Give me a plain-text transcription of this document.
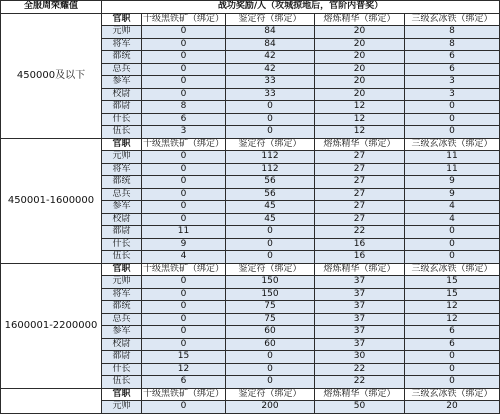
全服周荣耀值	战功奖励/人（攻城掠地后，官阶内普奖）				
450000及以下	官职	十级黑铁矿（绑定）	鉴定符（绑定）	熔炼精华（绑定）	三级玄冰铁（绑定）
	元帅	0	84	20	8
	将军	0	84	20	8
	都统	0	42	20	6
	总兵	0	42	20	6
	参军	0	33	20	3
	校尉	0	33	20	3
	都尉	8	0	12	0
	什长	6	0	12	0
	伍长	3	0	12	0
450001-1600000	官职	十级黑铁矿（绑定）	鉴定符（绑定）	熔炼精华（绑定）	三级玄冰铁（绑定）
	元帅	0	112	27	11
	将军	0	112	27	11
	都统	0	56	27	9
	总兵	0	56	27	9
	参军	0	45	27	4
	校尉	0	45	27	4
	都尉	11	0	22	0
	什长	9	0	16	0
	伍长	4	0	16	0
1600001-2200000	官职	十级黑铁矿（绑定）	鉴定符（绑定）	熔炼精华（绑定）	三级玄冰铁（绑定）
	元帅	0	150	37	15
	将军	0	150	37	15
	都统	0	75	37	12
	总兵	0	75	37	12
	参军	0	60	37	6
	校尉	0	60	37	6
	都尉	15	0	30	0
	什长	12	0	22	0
	伍长	6	0	22	0
	官职	十级黑铁矿（绑定）	鉴定符（绑定）	熔炼精华（绑定）	三级玄冰铁（绑定）
	元帅	0	200	50	20
